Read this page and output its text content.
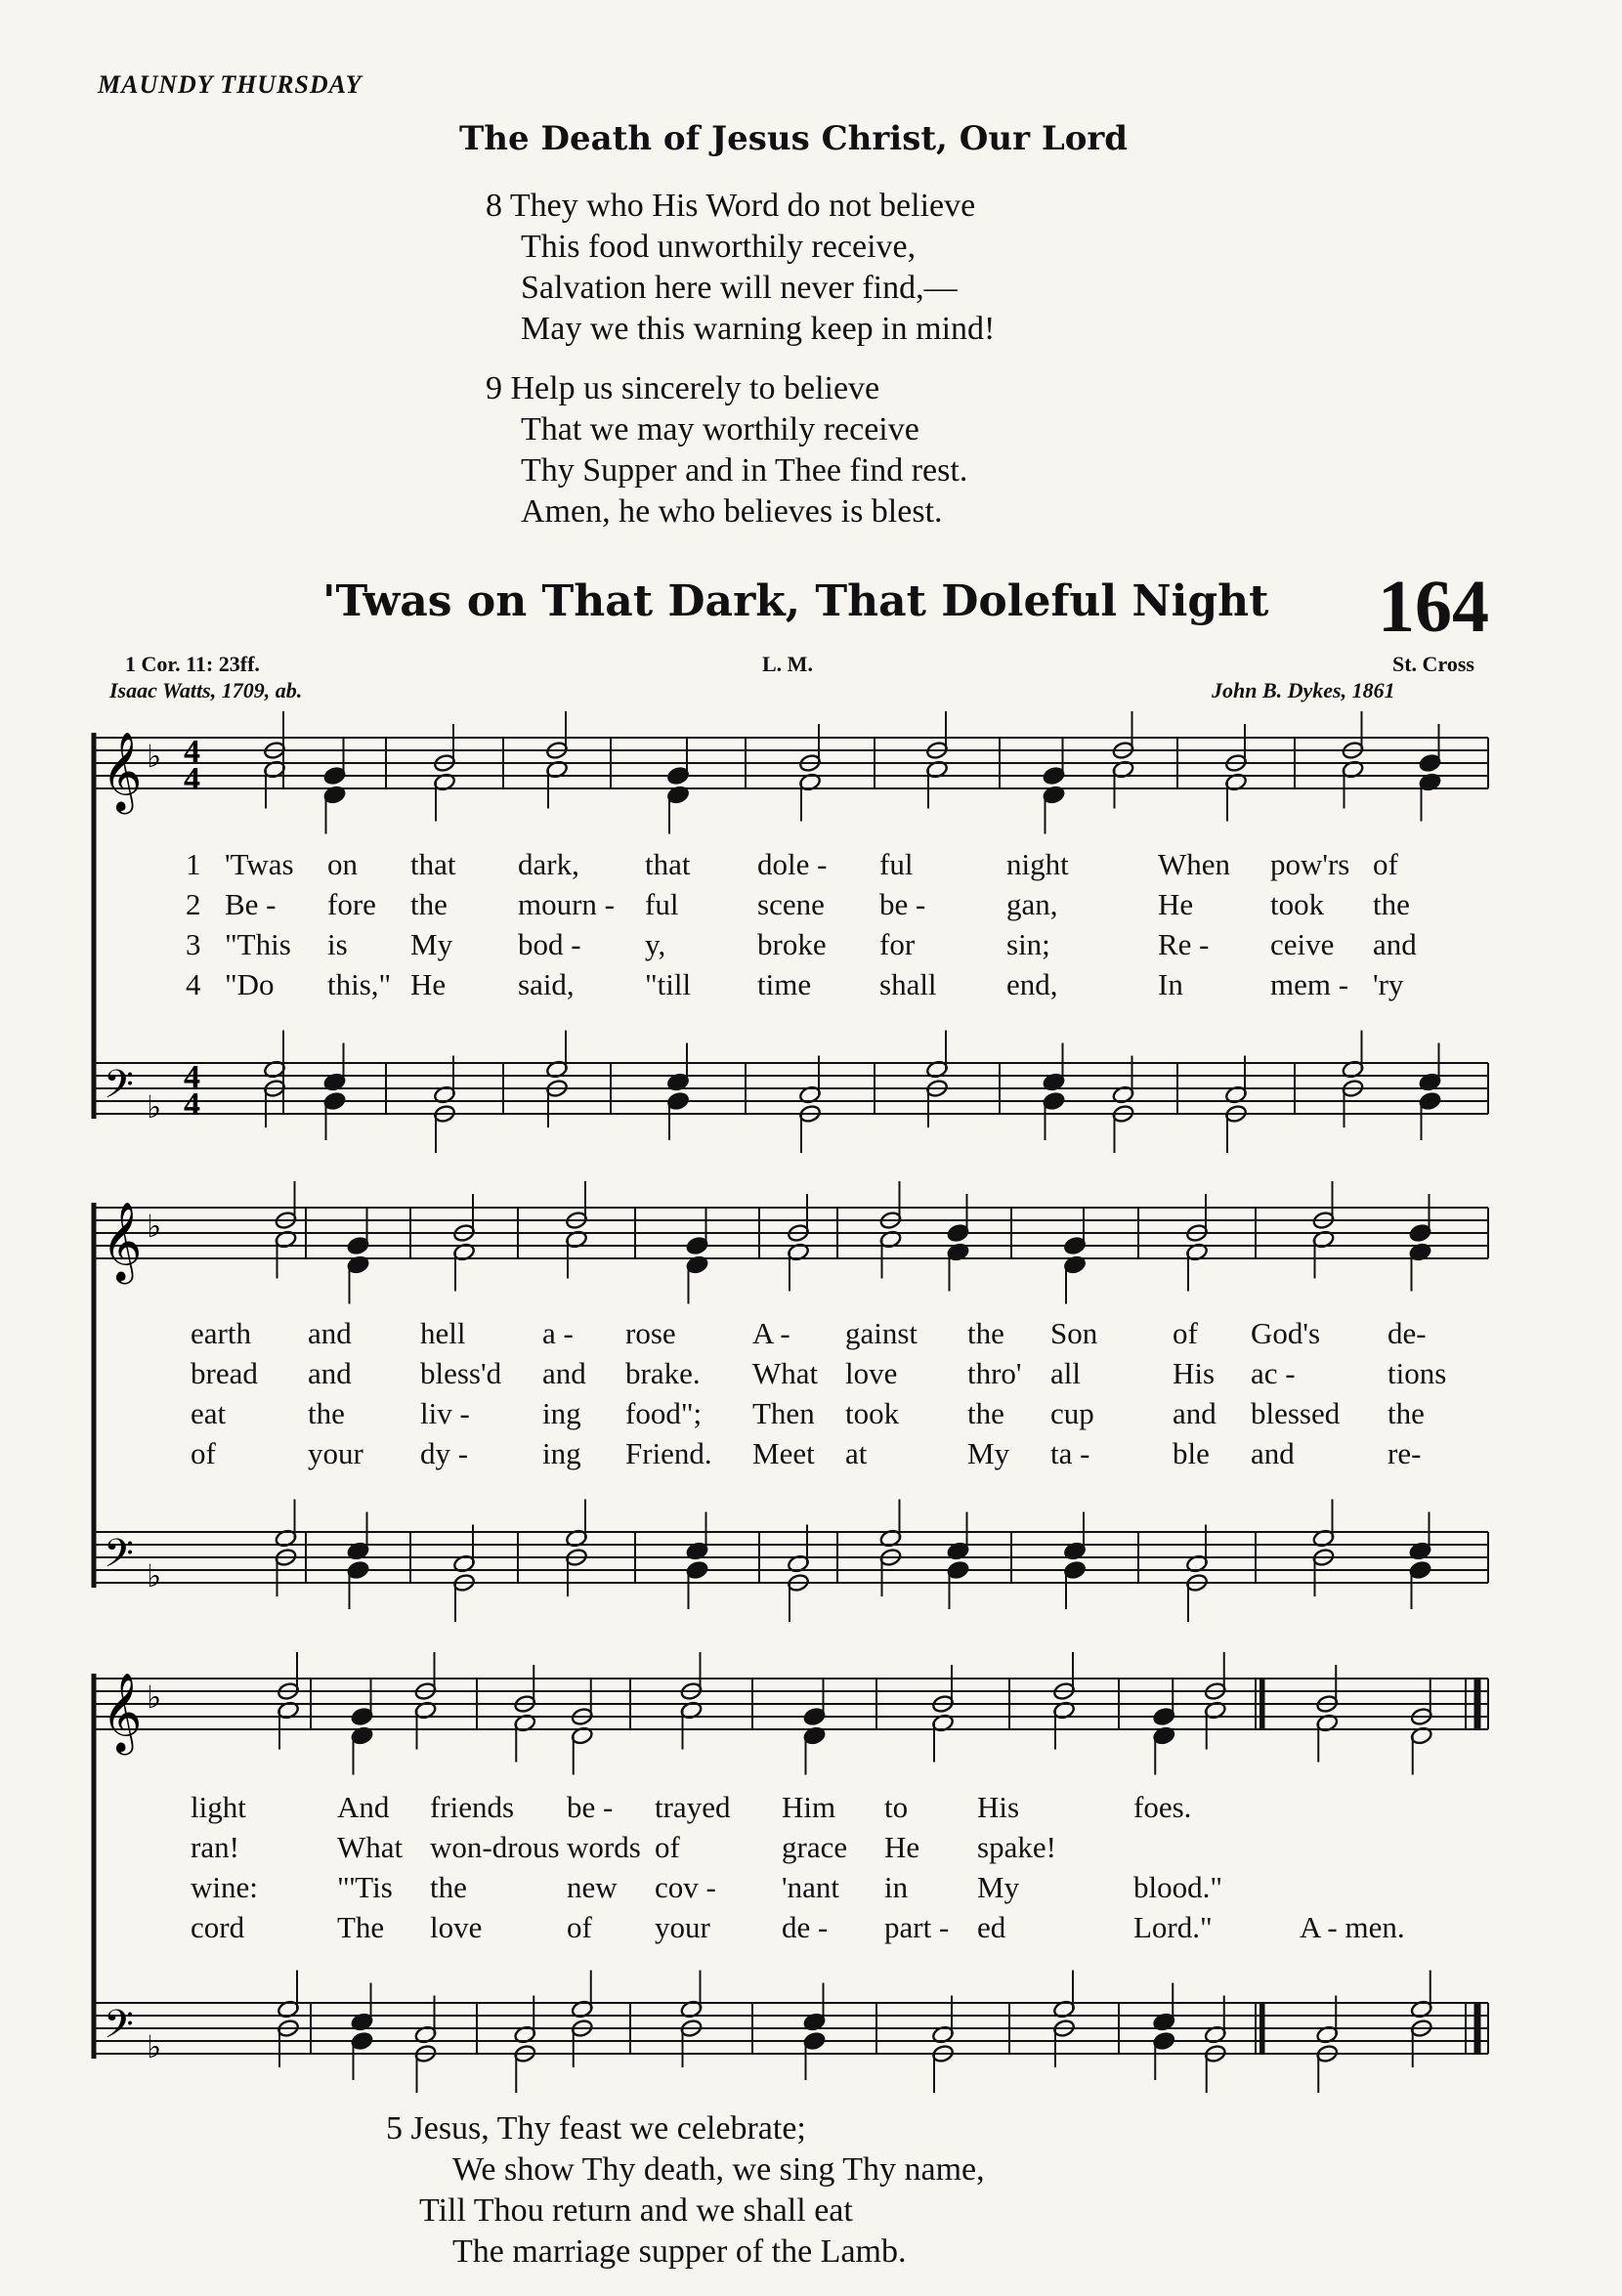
MAUNDY THURSDAY
The Death of Jesus Christ, Our Lord
8 They who His Word do not believe
This food unworthily receive,
Salvation here will never find,—
May we this warning keep in mind!
9 Help us sincerely to believe
That we may worthily receive
Thy Supper and in Thee find rest.
Amen, he who believes is blest.
'Twas on That Dark, That Doleful Night 164
1 Cor. 11: 23ff.	L. M.	St. Cross
Isaac Watts, 1709, ab.	John B. Dykes, 1861
𝄞
𝄢
♭
♭
4
4
4
4
𝄞
𝄢
♭
♭
𝄞
𝄢
♭
♭
1 'Twas on that dark, that dole - ful	night	When pow'rs of
2 Be - fore the mourn - ful	scene be -	gan,	He	took the
3 "This is My bod - y,	broke for	sin;	Re - ceive and
4 "Do this," He said, "till time shall end,	In	mem - 'ry
earth and hell	a - rose	A - gainst the Son of God's de-
bread and bless'd and brake. What love thro' all	His ac -	tions
eat	the liv - ing food"; Then took the cup	and blessed the
of	your dy - ing Friend. Meet at	My ta -	ble and	re-
light	And friends be - trayed Him to His	foes.
ran!	What won-drous words of	grace He spake!
wine:	"'Tis the	new cov - 'nant in My	blood."
cord	The love	of your de - part - ed	Lord."	A - men.
5 Jesus, Thy feast we celebrate;
We show Thy death, we sing Thy name,
Till Thou return and we shall eat
The marriage supper of the Lamb.
